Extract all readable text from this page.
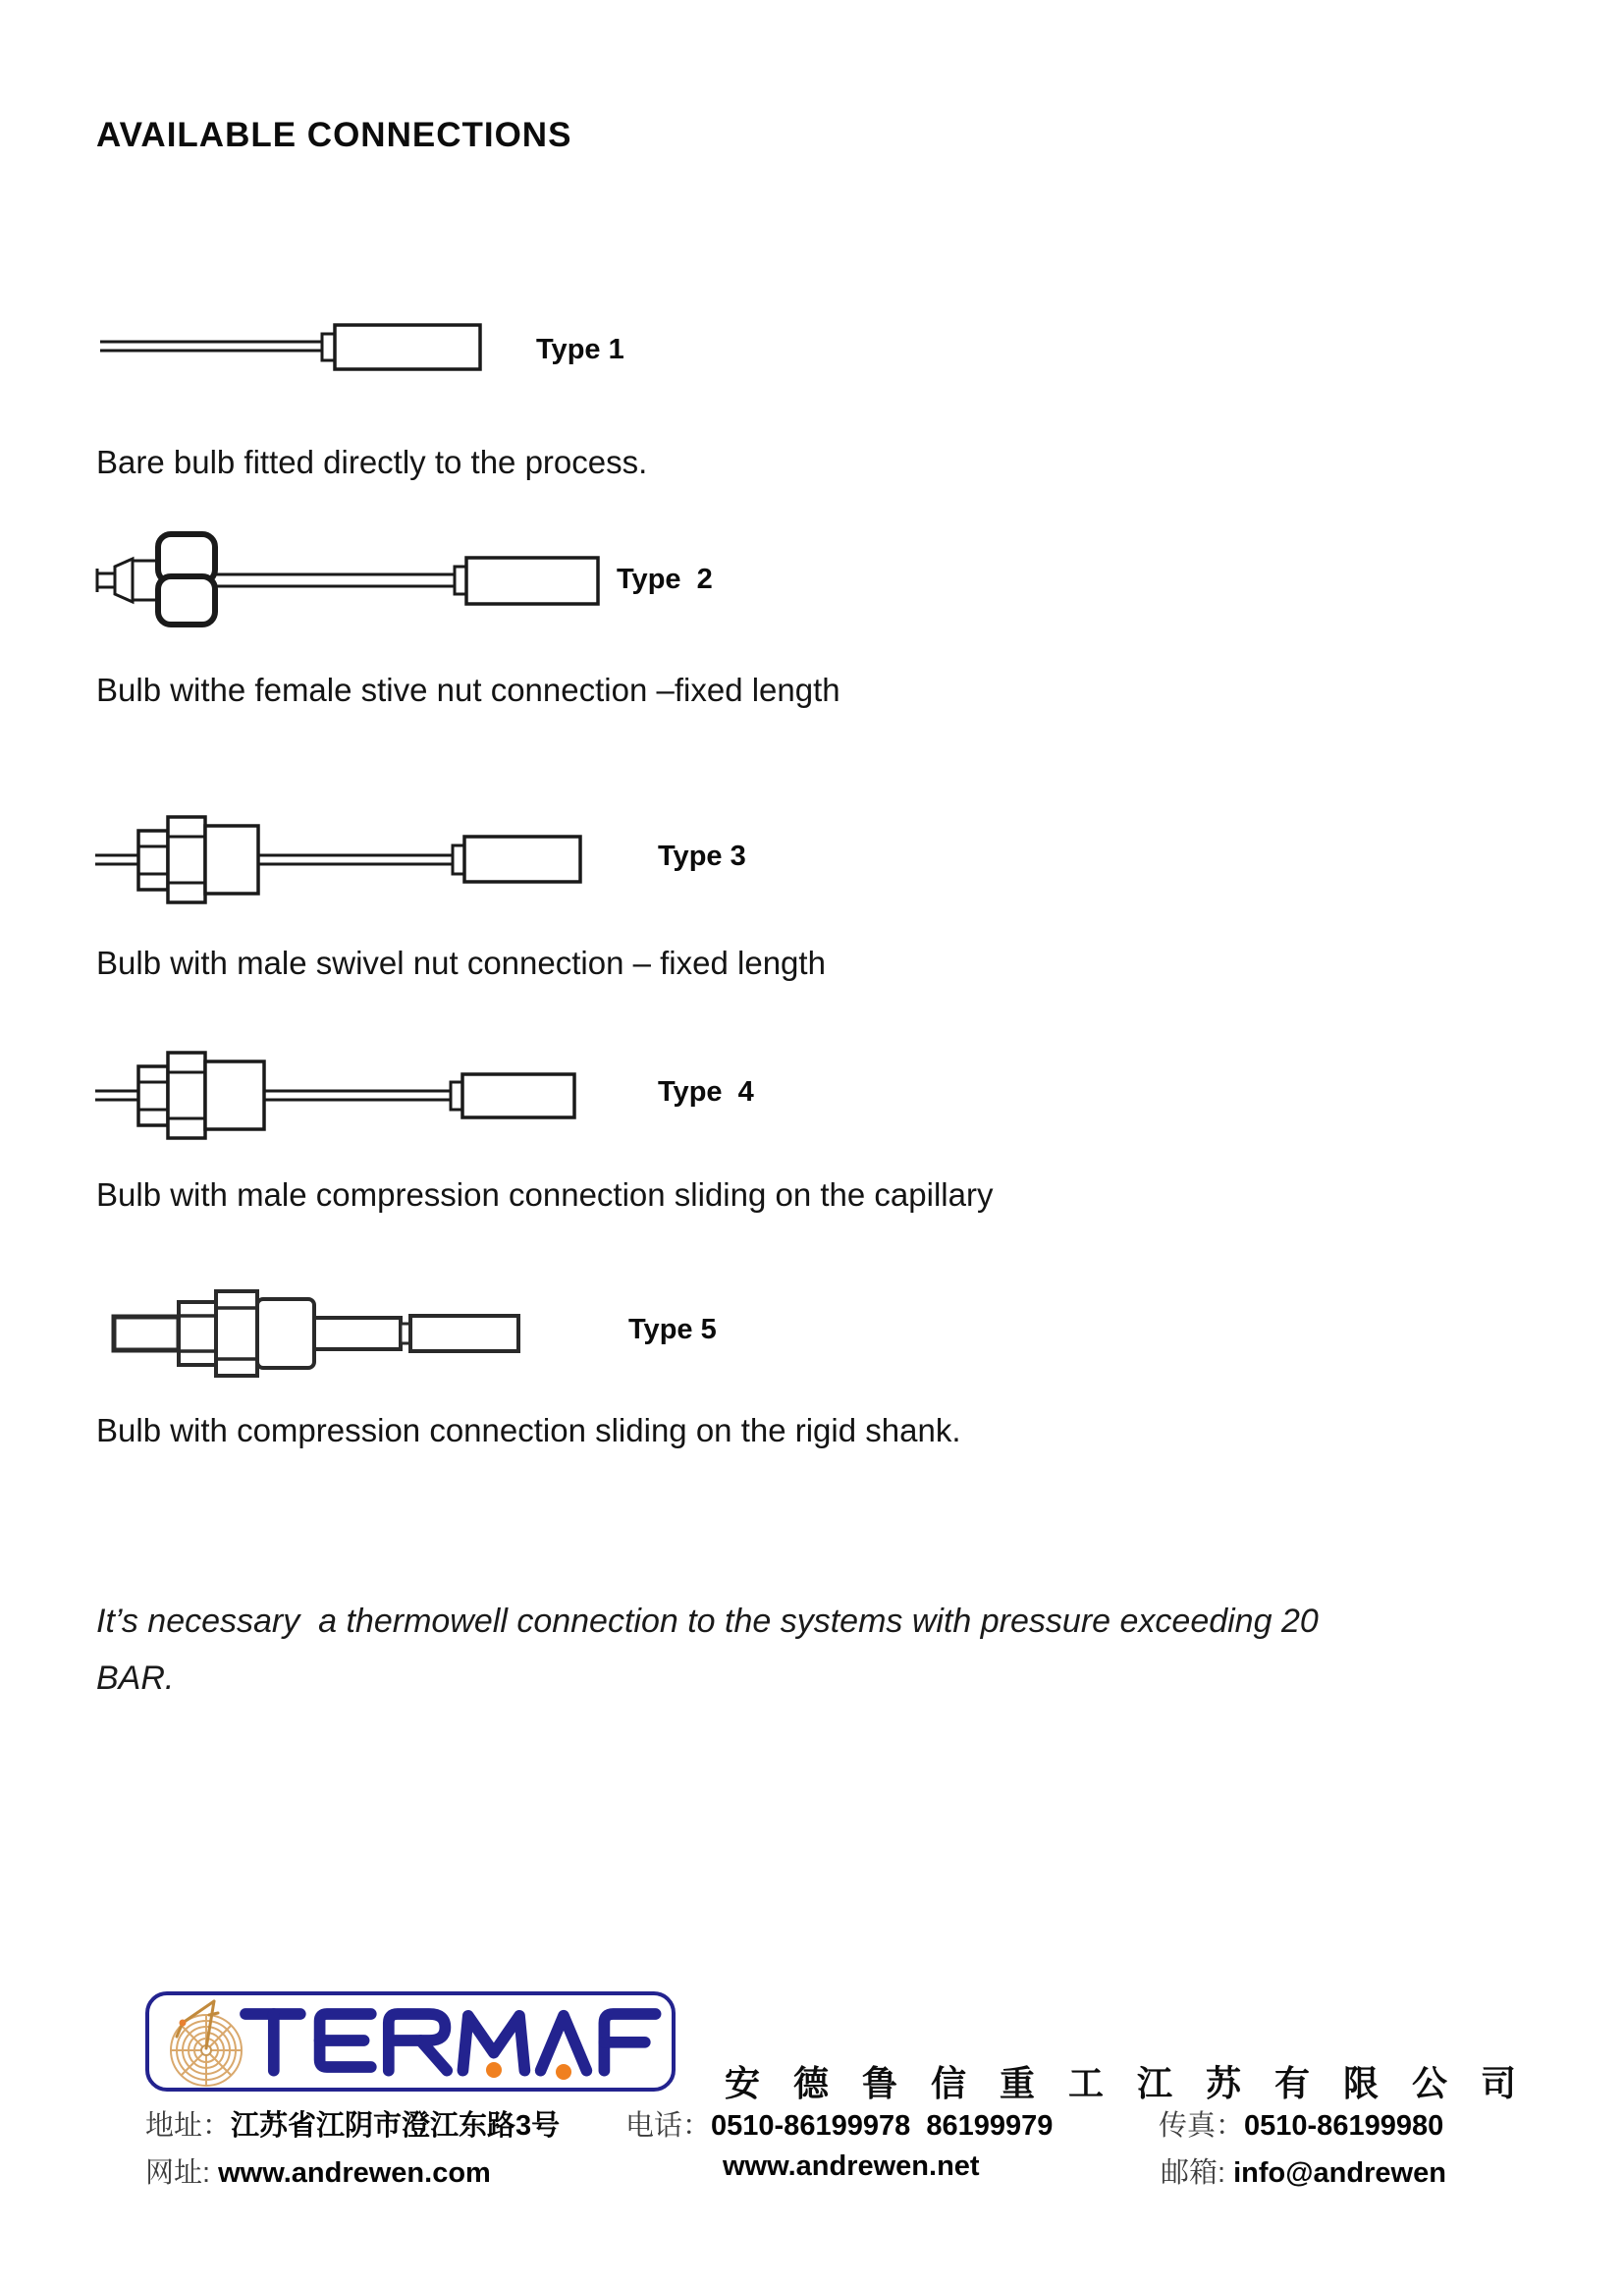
AVAILABLE CONNECTIONS
Type 1
Bare bulb fitted directly to the process.
Type  2
Bulb withe female stive nut connection –fixed length
Type 3
Bulb with male swivel nut connection – fixed length
Type  4
Bulb with male compression connection sliding on the capillary
Type 5
Bulb with compression connection sliding on the rigid shank.
It’s necessary  a thermowell connection to the systems with pressure exceeding 20
BAR.
安 德 鲁 信 重 工 江 苏 有 限 公 司
地址：江苏省江阴市澄江东路3号 电话：0510-86199978  86199979	传真：0510-86199980
网址: www.andrewen.com	www.andrewen.net	邮箱: info@andrewen
